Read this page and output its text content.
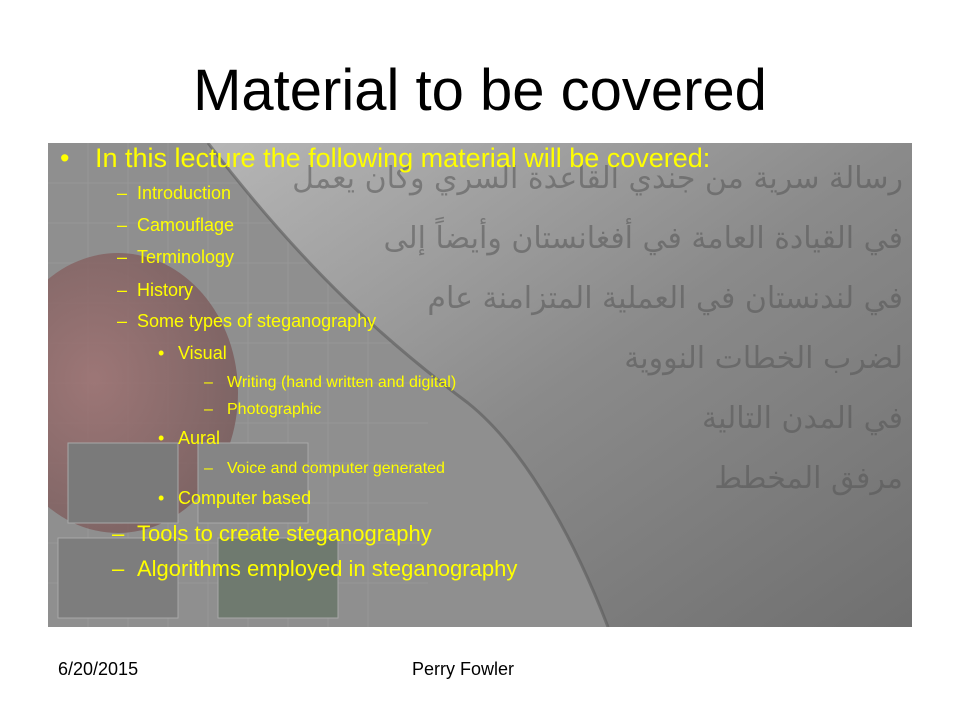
Material to be covered
رسالة سرية من جندي القاعدة السري وكان يعمل
في القيادة العامة في أفغانستان وأيضاً إلى
في لندنستان في العملية المتزامنة عام
لضرب الخطات النووية
في المدن التالية
مرفق المخطط
• In this lecture the following material will be covered:
– Introduction
– Camouflage
– Terminology
– History
– Some types of steganography
• Visual
– Writing (hand written and digital)
– Photographic
• Aural
– Voice and computer generated
• Computer based
– Tools to create steganography
– Algorithms employed in steganography
6/20/2015	Perry Fowler
